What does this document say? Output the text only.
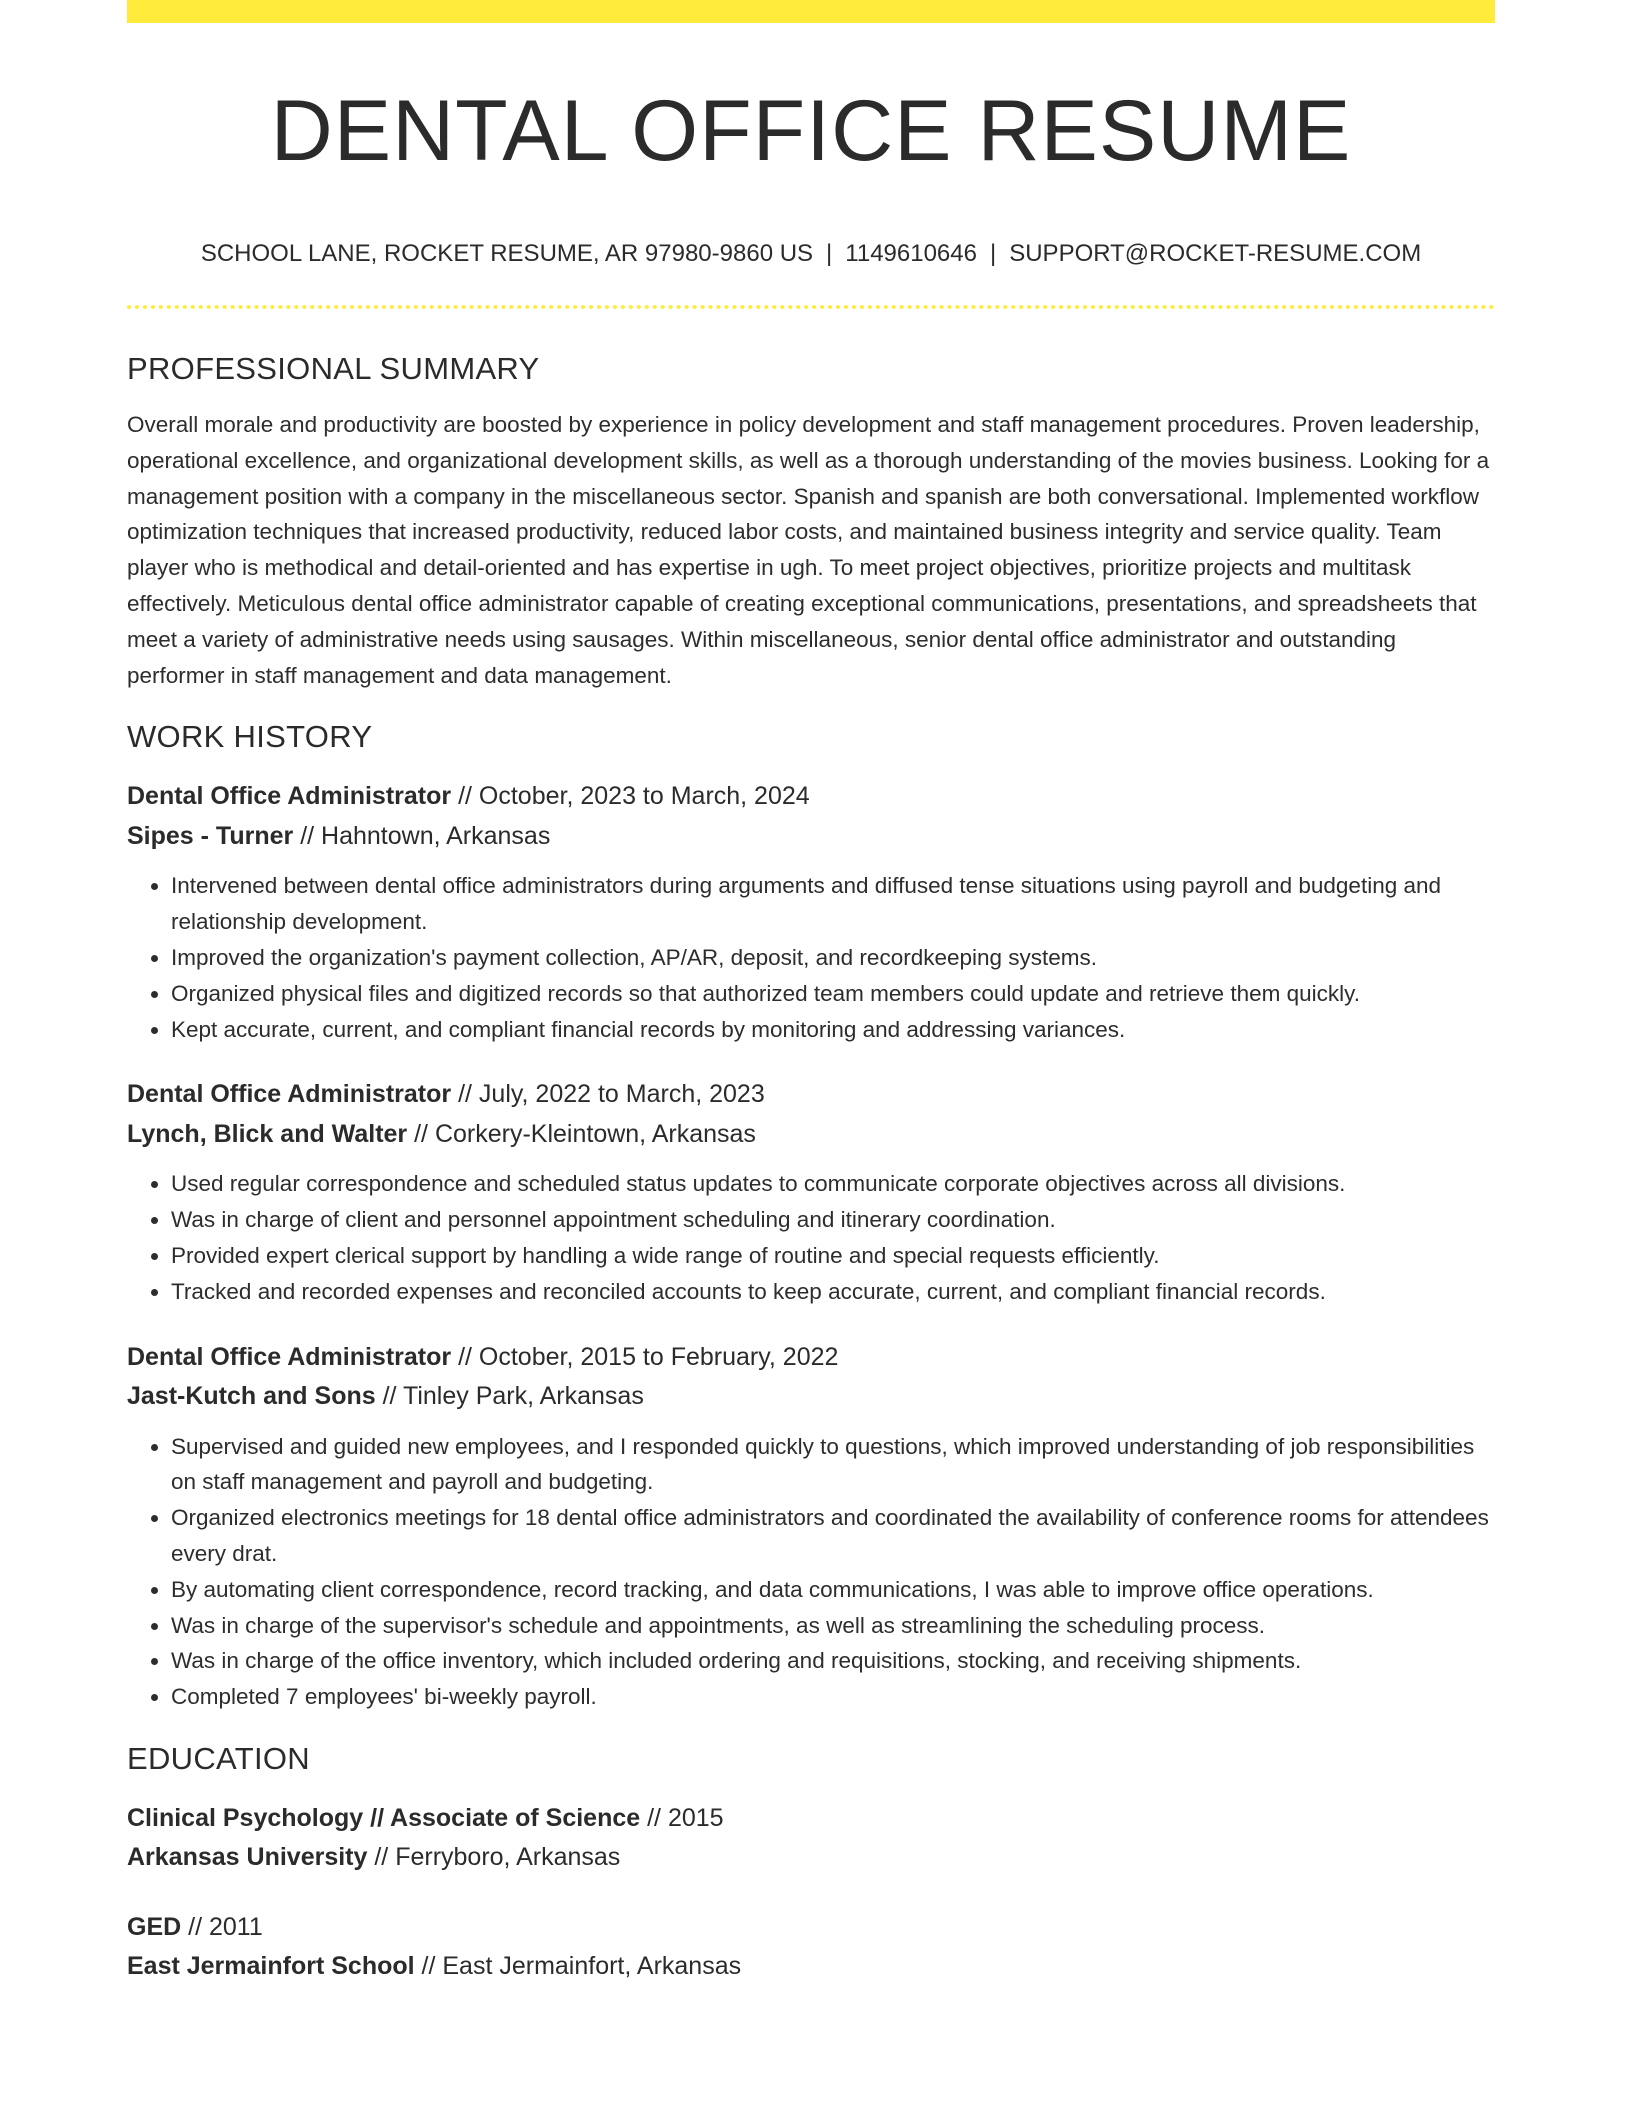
DENTAL OFFICE RESUME
SCHOOL LANE, ROCKET RESUME, AR 97980-9860 US | 1149610646 | SUPPORT@ROCKET-RESUME.COM
PROFESSIONAL SUMMARY
Overall morale and productivity are boosted by experience in policy development and staff management procedures. Proven leadership, operational excellence, and organizational development skills, as well as a thorough understanding of the movies business. Looking for a management position with a company in the miscellaneous sector. Spanish and spanish are both conversational. Implemented workflow optimization techniques that increased productivity, reduced labor costs, and maintained business integrity and service quality. Team player who is methodical and detail-oriented and has expertise in ugh. To meet project objectives, prioritize projects and multitask effectively. Meticulous dental office administrator capable of creating exceptional communications, presentations, and spreadsheets that meet a variety of administrative needs using sausages. Within miscellaneous, senior dental office administrator and outstanding performer in staff management and data management.
WORK HISTORY
Dental Office Administrator // October, 2023 to March, 2024
Sipes - Turner // Hahntown, Arkansas
• Intervened between dental office administrators during arguments and diffused tense situations using payroll and budgeting and relationship development.
• Improved the organization's payment collection, AP/AR, deposit, and recordkeeping systems.
• Organized physical files and digitized records so that authorized team members could update and retrieve them quickly.
• Kept accurate, current, and compliant financial records by monitoring and addressing variances.
Dental Office Administrator // July, 2022 to March, 2023
Lynch, Blick and Walter // Corkery-Kleintown, Arkansas
• Used regular correspondence and scheduled status updates to communicate corporate objectives across all divisions.
• Was in charge of client and personnel appointment scheduling and itinerary coordination.
• Provided expert clerical support by handling a wide range of routine and special requests efficiently.
• Tracked and recorded expenses and reconciled accounts to keep accurate, current, and compliant financial records.
Dental Office Administrator // October, 2015 to February, 2022
Jast-Kutch and Sons // Tinley Park, Arkansas
• Supervised and guided new employees, and I responded quickly to questions, which improved understanding of job responsibilities on staff management and payroll and budgeting.
• Organized electronics meetings for 18 dental office administrators and coordinated the availability of conference rooms for attendees every drat.
• By automating client correspondence, record tracking, and data communications, I was able to improve office operations.
• Was in charge of the supervisor's schedule and appointments, as well as streamlining the scheduling process.
• Was in charge of the office inventory, which included ordering and requisitions, stocking, and receiving shipments.
• Completed 7 employees' bi-weekly payroll.
EDUCATION
Clinical Psychology // Associate of Science // 2015
Arkansas University // Ferryboro, Arkansas
GED // 2011
East Jermainfort School // East Jermainfort, Arkansas
